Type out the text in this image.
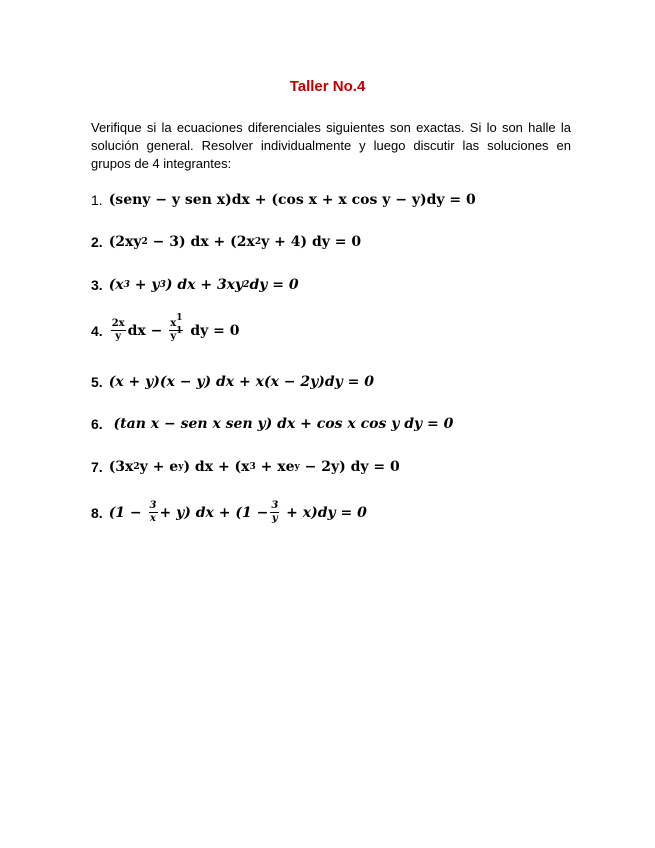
Taller No.4
Verifique si la ecuaciones diferenciales siguientes son exactas. Si lo son halle la solución general. Resolver individualmente y luego discutir las soluciones en grupos de 4 integrantes:
1. (seny − y sen x)dx + (cos x + x cos y − y)dy = 0
2. (2xy 2 − 3) dx + (2x 2 y + 4) dy = 0
3. (x 3 + y 3 ) dx + 3xy 2 dy = 0
4. $\frac{2x}{y}$ dx − $\frac{x^1}{y^1}$ dy = 0
5. (x + y)(x − y) dx + x(x − 2y)dy = 0
6. (tan x − sen x sen y) dx + cos x cos y dy = 0
7. (3x 2 y + e y ) dx + (x 3 + xe y − 2y) dy = 0
8. $(1 - \frac{3}{x} + y)$ dx + $(1 - \frac{3}{y} + x)dy = 0$
